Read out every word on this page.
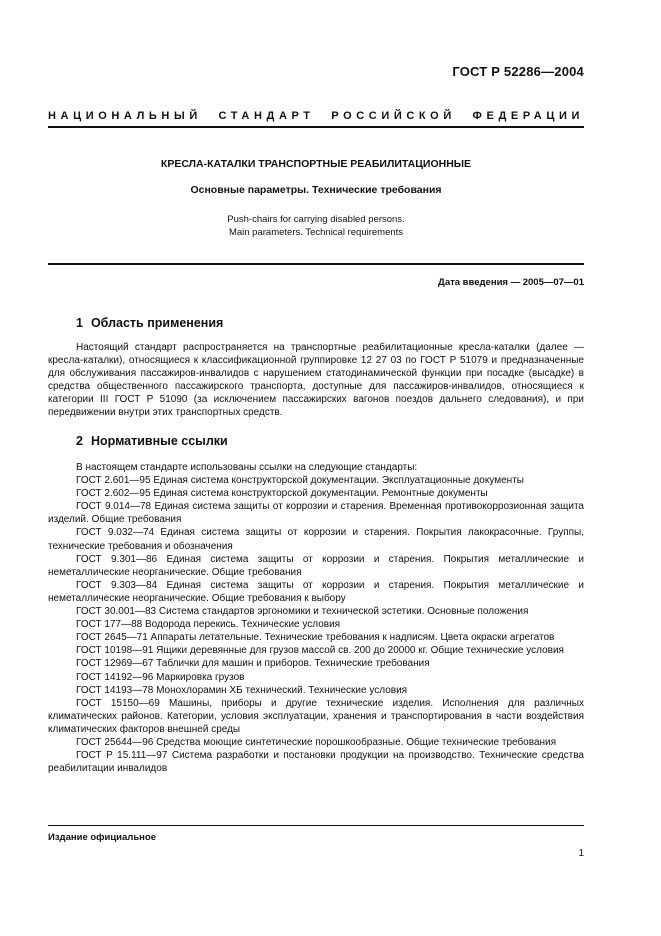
ГОСТ Р 52286—2004
НАЦИОНАЛЬНЫЙ СТАНДАРТ РОССИЙСКОЙ ФЕДЕРАЦИИ
КРЕСЛА-КАТАЛКИ ТРАНСПОРТНЫЕ РЕАБИЛИТАЦИОННЫЕ
Основные параметры. Технические требования
Push-chairs for carrying disabled persons.
Main parameters. Technical requirements
Дата введения — 2005—07—01
1 Область применения

Настоящий стандарт распространяется на транспортные реабилитационные кресла-каталки (далее — кресла-каталки), относящиеся к классификационной группировке 12 27 03 по ГОСТ Р 51079 и предназначенные для обслуживания пассажиров-инвалидов с нарушением статодинамической функции при посадке (высадке) в средства общественного пассажирского транспорта, доступные для пассажиров-инвалидов, относящиеся к категории III ГОСТ Р 51090 (за исключением пассажирских вагонов поездов дальнего следования), и при передвижении внутри этих транспортных средств.

2 Нормативные ссылки

В настоящем стандарте использованы ссылки на следующие стандарты:

ГОСТ 2.601—95 Единая система конструкторской документации. Эксплуатационные документы

ГОСТ 2.602—95 Единая система конструкторской документации. Ремонтные документы

ГОСТ 9.014—78 Единая система защиты от коррозии и старения. Временная противокоррозионная защита изделий. Общие требования

ГОСТ 9.032—74 Единая система защиты от коррозии и старения. Покрытия лакокрасочные. Группы, технические требования и обозначения

ГОСТ 9.301—86 Единая система защиты от коррозии и старения. Покрытия металлические и неметаллические неорганические. Общие требования

ГОСТ 9.303—84 Единая система защиты от коррозии и старения. Покрытия металлические и неметаллические неорганические. Общие требования к выбору

ГОСТ 30.001—83 Система стандартов эргономики и технической эстетики. Основные положения

ГОСТ 177—88 Водорода перекись. Технические условия

ГОСТ 2645—71 Аппараты летательные. Технические требования к надписям. Цвета окраски агрегатов

ГОСТ 10198—91 Ящики деревянные для грузов массой св. 200 до 20000 кг. Общие технические условия

ГОСТ 12969—67 Таблички для машин и приборов. Технические требования

ГОСТ 14192—96 Маркировка грузов

ГОСТ 14193—78 Монохлорамин ХБ технический. Технические условия

ГОСТ 15150—69 Машины, приборы и другие технические изделия. Исполнения для различных климатических районов. Категории, условия эксплуатации, хранения и транспортирования в части воздействия климатических факторов внешней среды

ГОСТ 25644—96 Средства моющие синтетические порошкообразные. Общие технические требования

ГОСТ Р 15.111—97 Система разработки и постановки продукции на производство. Технические средства реабилитации инвалидов

Издание официальное
1
